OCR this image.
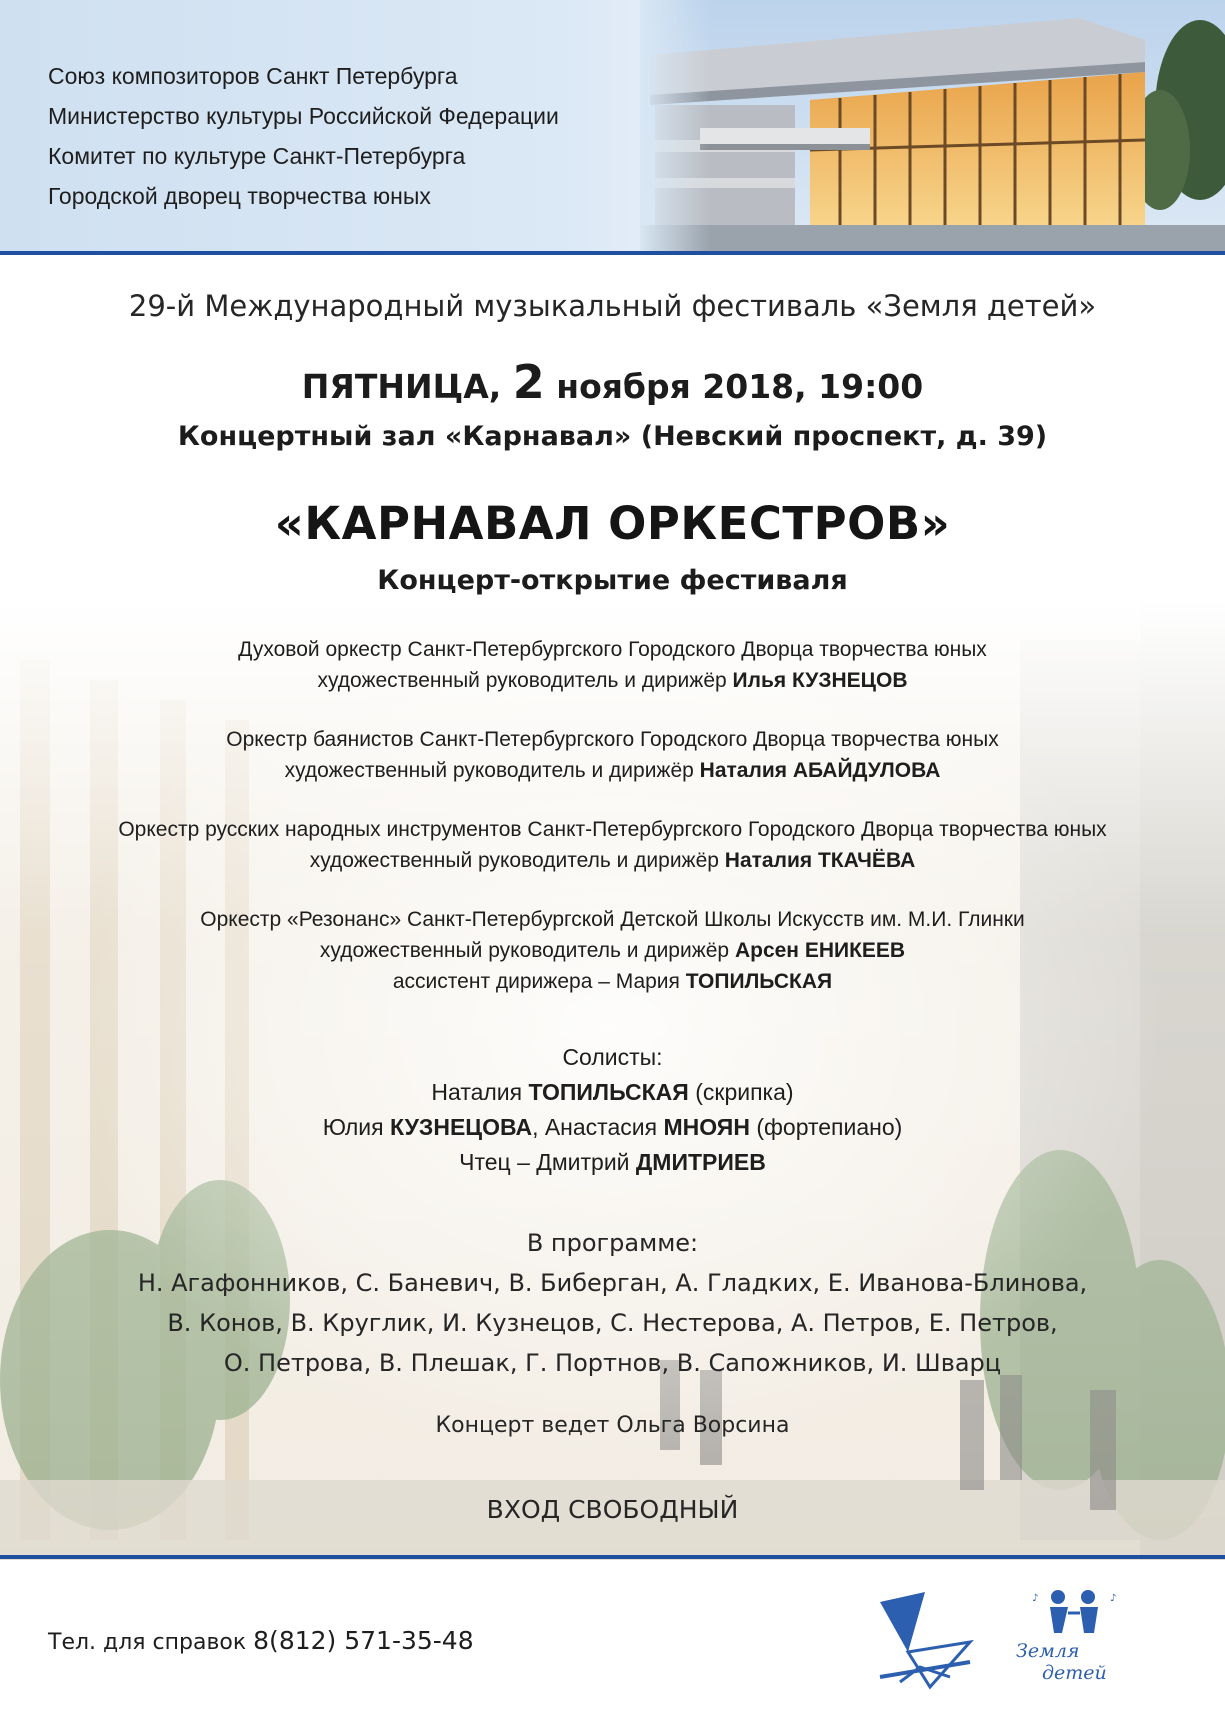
Союз композиторов Санкт Петербурга
Министерство культуры Российской Федерации
Комитет по культуре Санкт-Петербурга
Городской дворец творчества юных
29-й Международный музыкальный фестиваль «Земля детей»
ПЯТНИЦА, 2 ноября 2018, 19:00
Концертный зал «Карнавал» (Невский проспект, д. 39)
«КАРНАВАЛ ОРКЕСТРОВ»
Концерт-открытие фестиваля
Духовой оркестр Санкт-Петербургского Городского Дворца творчества юных
художественный руководитель и дирижёр Илья КУЗНЕЦОВ
Оркестр баянистов Санкт-Петербургского Городского Дворца творчества юных
художественный руководитель и дирижёр Наталия АБАЙДУЛОВА
Оркестр русских народных инструментов Санкт-Петербургского Городского Дворца творчества юных
художественный руководитель и дирижёр Наталия ТКАЧЁВА
Оркестр «Резонанс» Санкт-Петербургской Детской Школы Искусств им. М.И. Глинки
художественный руководитель и дирижёр Арсен ЕНИКЕЕВ
ассистент дирижера – Мария ТОПИЛЬСКАЯ
Солисты:
Наталия ТОПИЛЬСКАЯ (скрипка)
Юлия КУЗНЕЦОВА, Анастасия МНОЯН (фортепиано)
Чтец – Дмитрий ДМИТРИЕВ
В программе:
Н. Агафонников, С. Баневич, В. Биберган, А. Гладких, Е. Иванова-Блинова,
В. Конов, В. Круглик, И. Кузнецов, С. Нестерова, А. Петров, Е. Петров,
О. Петрова, В. Плешак, Г. Портнов, В. Сапожников, И. Шварц
Концерт ведет Ольга Ворсина
ВХОД СВОБОДНЫЙ
Тел. для справок 8(812) 571-35-48
♪	♪
Земля
детей
